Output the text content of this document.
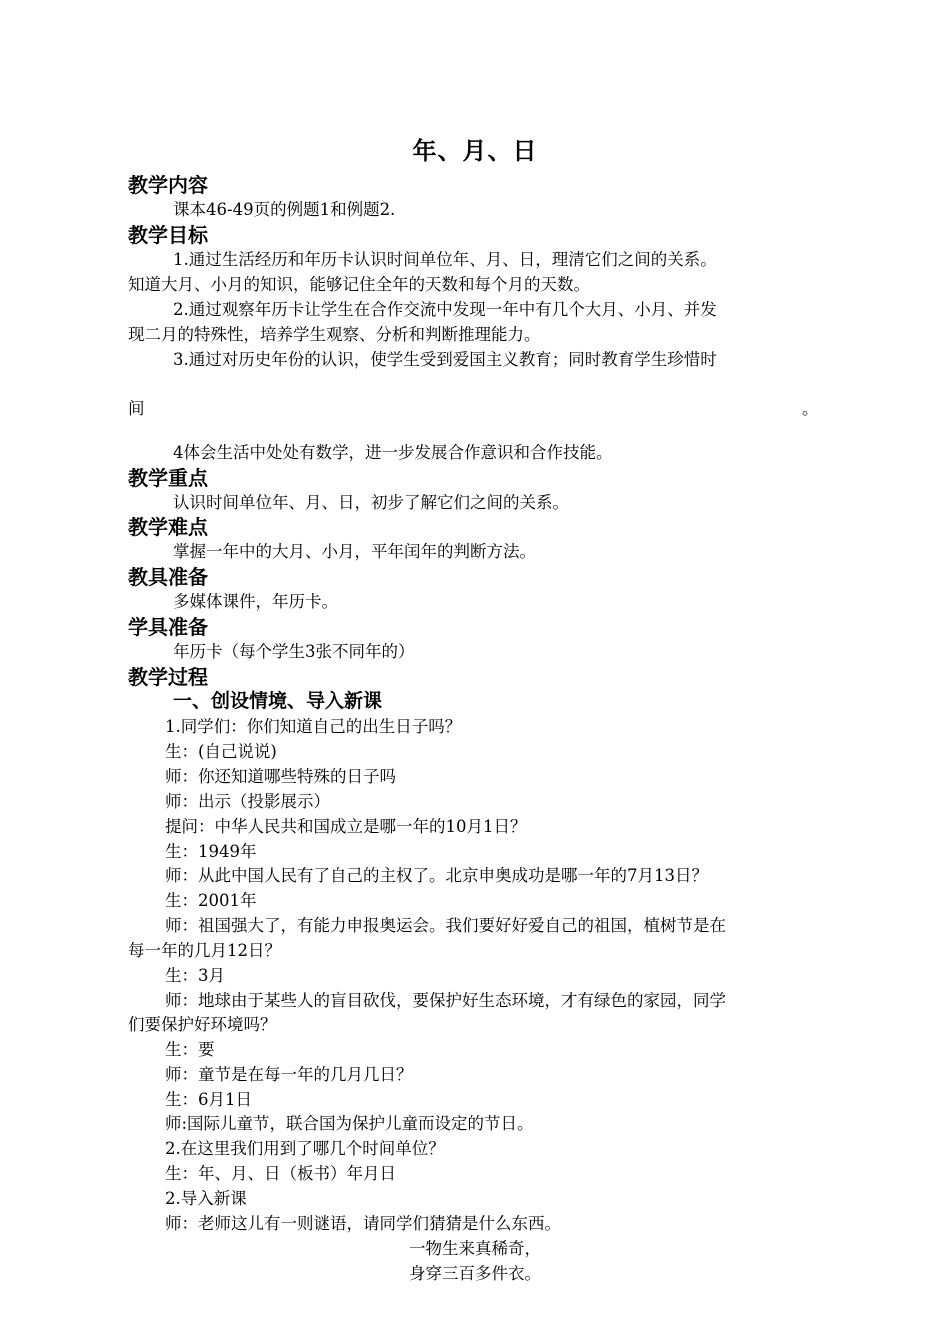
年、月、日
教学内容
课本46-49页的例题1和例题2.
教学目标
1.通过生活经历和年历卡认识时间单位年、月、日，理清它们之间的关系。
知道大月、小月的知识，能够记住全年的天数和每个月的天数。
2.通过观察年历卡让学生在合作交流中发现一年中有几个大月、小月、并发
现二月的特殊性，培养学生观察、分析和判断推理能力。
3.通过对历史年份的认识，使学生受到爱国主义教育；同时教育学生珍惜时
间	。
4体会生活中处处有数学，进一步发展合作意识和合作技能。
教学重点
认识时间单位年、月、日，初步了解它们之间的关系。
教学难点
掌握一年中的大月、小月，平年闰年的判断方法。
教具准备
多媒体课件，年历卡。
学具准备
年历卡（每个学生3张不同年的）
教学过程
一、创设情境、导入新课
1.同学们：你们知道自己的出生日子吗？
生：(自己说说)
师：你还知道哪些特殊的日子吗
师：出示（投影展示）
提问：中华人民共和国成立是哪一年的10月1日？
生：1949年
师：从此中国人民有了自己的主权了。北京申奥成功是哪一年的7月13日？
生：2001年
师：祖国强大了，有能力申报奥运会。我们要好好爱自己的祖国，植树节是在
每一年的几月12日？
生：3月
师：地球由于某些人的盲目砍伐，要保护好生态环境，才有绿色的家园，同学
们要保护好环境吗？
生：要
师：童节是在每一年的几月几日？
生：6月1日
师:国际儿童节，联合国为保护儿童而设定的节日。
2.在这里我们用到了哪几个时间单位？
生：年、月、日（板书）年月日
2.导入新课
师：老师这儿有一则谜语，请同学们猜猜是什么东西。
一物生来真稀奇，
身穿三百多件衣。
